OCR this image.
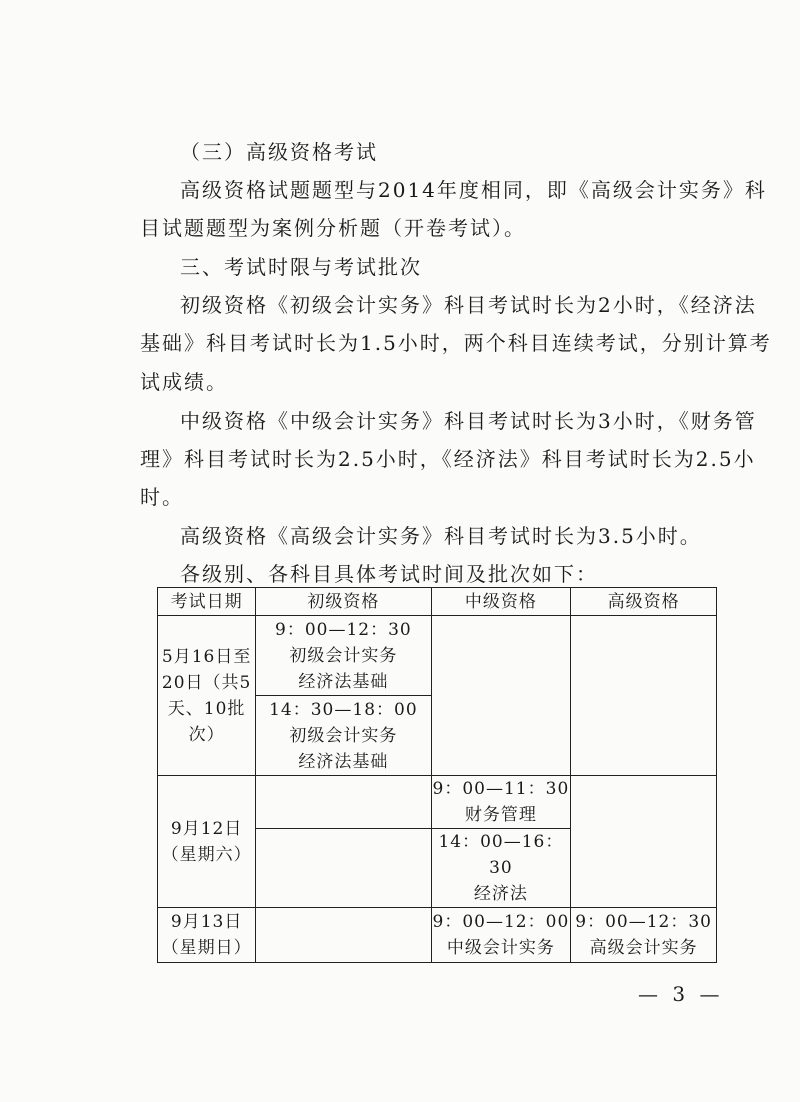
（三）高级资格考试

高级资格试题题型与2014年度相同，即《高级会计实务》科

目试题题型为案例分析题（开卷考试）。

三、考试时限与考试批次

初级资格《初级会计实务》科目考试时长为2小时，《经济法

基础》科目考试时长为1.5小时，两个科目连续考试，分别计算考

试成绩。

中级资格《中级会计实务》科目考试时长为3小时，《财务管

理》科目考试时长为2.5小时，《经济法》科目考试时长为2.5小

时。

高级资格《高级会计实务》科目考试时长为3.5小时。

各级别、各科目具体考试时间及批次如下：

考试日期	初级资格	中级资格	高级资格

5月16日至
20日（共5
天、10批
次）	9：00—12：30
初级会计实务
经济法基础		

	14：30—18：00
初级会计实务
经济法基础		

9月12日
（星期六）		9：00—11：30
财务管理	

		14：00—16：30
经济法	

9月13日
（星期日）		9：00—12：00
中级会计实务	9：00—12：30
高级会计实务
— 3 —
